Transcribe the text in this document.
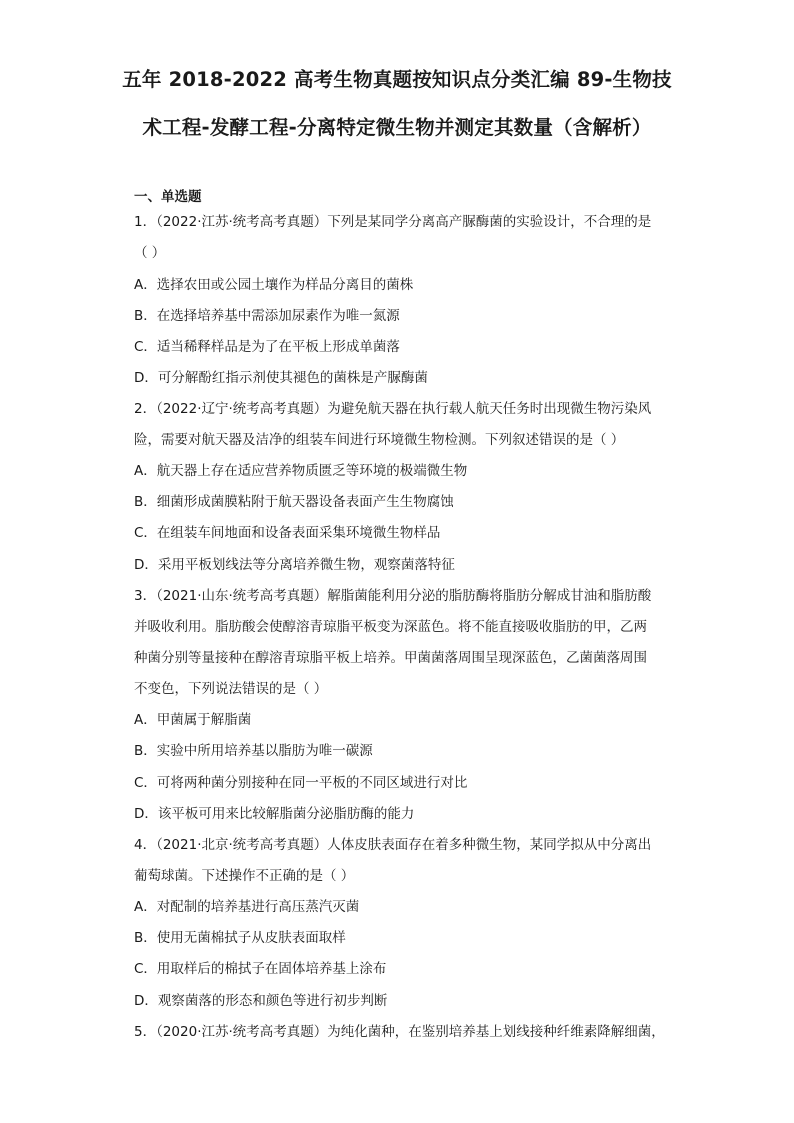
五年 2018-2022 高考生物真题按知识点分类汇编 89-生物技
术工程-发酵工程-分离特定微生物并测定其数量（含解析）
一、单选题
1．（2022·江苏·统考高考真题）下列是某同学分离高产脲酶菌的实验设计，不合理的是
（ ）
A．选择农田或公园土壤作为样品分离目的菌株
B．在选择培养基中需添加尿素作为唯一氮源
C．适当稀释样品是为了在平板上形成单菌落
D．可分解酚红指示剂使其褪色的菌株是产脲酶菌
2．（2022·辽宁·统考高考真题）为避免航天器在执行载人航天任务时出现微生物污染风
险，需要对航天器及洁净的组装车间进行环境微生物检测。下列叙述错误的是（ ）
A．航天器上存在适应营养物质匮乏等环境的极端微生物
B．细菌形成菌膜粘附于航天器设备表面产生生物腐蚀
C．在组装车间地面和设备表面采集环境微生物样品
D．采用平板划线法等分离培养微生物，观察菌落特征
3．（2021·山东·统考高考真题）解脂菌能利用分泌的脂肪酶将脂肪分解成甘油和脂肪酸
并吸收利用。脂肪酸会使醇溶青琼脂平板变为深蓝色。将不能直接吸收脂肪的甲，乙两
种菌分别等量接种在醇溶青琼脂平板上培养。甲菌菌落周围呈现深蓝色，乙菌菌落周围
不变色，下列说法错误的是（ ）
A．甲菌属于解脂菌
B．实验中所用培养基以脂肪为唯一碳源
C．可将两种菌分别接种在同一平板的不同区域进行对比
D．该平板可用来比较解脂菌分泌脂肪酶的能力
4．（2021·北京·统考高考真题）人体皮肤表面存在着多种微生物，某同学拟从中分离出
葡萄球菌。下述操作不正确的是（ ）
A．对配制的培养基进行高压蒸汽灭菌
B．使用无菌棉拭子从皮肤表面取样
C．用取样后的棉拭子在固体培养基上涂布
D．观察菌落的形态和颜色等进行初步判断
5．（2020·江苏·统考高考真题）为纯化菌种，在鉴别培养基上划线接种纤维素降解细菌，
